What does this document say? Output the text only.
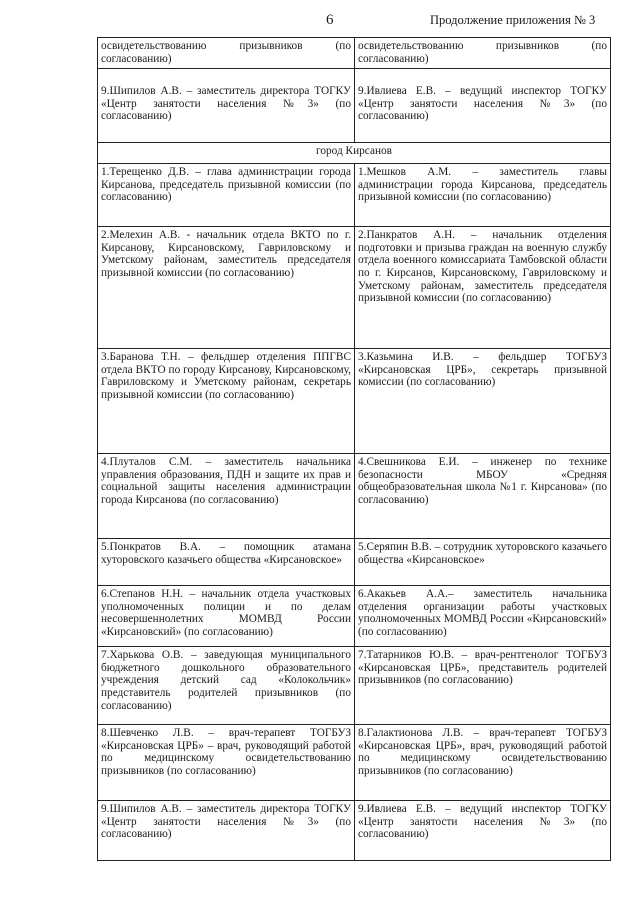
6	Продолжение приложения № 3
освидетельствованию призывников (по согласованию)	освидетельствованию призывников (по согласованию)
9.Шипилов А.В. – заместитель директора ТОГКУ «Центр занятости населения №3» (по согласованию)	9.Ивлиева Е.В. – ведущий инспектор ТОГКУ «Центр занятости населения №3» (по согласованию)
город Кирсанов	
1.Терещенко Д.В. – глава администрации города Кирсанова, председатель призывной комиссии (по согласованию)	1.Мешков А.М. – заместитель главы администрации города Кирсанова, председатель призывной комиссии (по согласованию)
2.Мелехин А.В. - начальник отдела ВКТО по г. Кирсанову, Кирсановскому, Гавриловскому и Уметскому районам, заместитель председателя призывной комиссии (по согласованию)	2.Панкратов А.Н. – начальник отделения подготовки и призыва граждан на военную службу отдела военного комиссариата Тамбовской области по г. Кирсанов, Кирсановскому, Гавриловскому и Уметскому районам, заместитель председателя призывной комиссии (по согласованию)
3.Баранова Т.Н. – фельдшер отделения ППГВС отдела ВКТО по городу Кирсанову, Кирсановскому, Гавриловскому и Уметскому районам, секретарь призывной комиссии (по согласованию)	3.Казьмина И.В. – фельдшер ТОГБУЗ «Кирсановская ЦРБ», секретарь призывной комиссии (по согласованию)
4.Плуталов С.М. – заместитель начальника управления образования, ПДН и защите их прав и социальной защиты населения администрации города Кирсанова (по согласованию)	4.Свешникова Е.И. – инженер по технике безопасности МБОУ «Средняя общеобразовательная школа №1 г. Кирсанова» (по согласованию)
5.Понкратов В.А. – помощник атамана хуторовского казачьего общества «Кирсановское»	5.Серяпин В.В. – сотрудник хуторовского казачьего общества «Кирсановское»
6.Степанов Н.Н. – начальник отдела участковых уполномоченных полиции и по делам несовершеннолетних МОМВД России «Кирсановский» (по согласованию)	6.Акакьев А.А.– заместитель начальника отделения организации работы участковых уполномоченных МОМВД России «Кирсановский» (по согласованию)
7.Харькова О.В. – заведующая муниципального бюджетного дошкольного образовательного учреждения детский сад «Колокольчик» представитель родителей призывников (по согласованию)	7.Татарников Ю.В. – врач-рентгенолог ТОГБУЗ «Кирсановская ЦРБ», представитель родителей призывников (по согласованию)
8.Шевченко Л.В. – врач-терапевт ТОГБУЗ «Кирсановская ЦРБ» – врач, руководящий работой по медицинскому освидетельствованию призывников (по согласованию)	8.Галактионова Л.В. – врач-терапевт ТОГБУЗ «Кирсановская ЦРБ», врач, руководящий работой по медицинскому освидетельствованию призывников (по согласованию)
9.Шипилов А.В. – заместитель директора ТОГКУ «Центр занятости населения №3» (по согласованию)	9.Ивлиева Е.В. – ведущий инспектор ТОГКУ «Центр занятости населения №3» (по согласованию)
